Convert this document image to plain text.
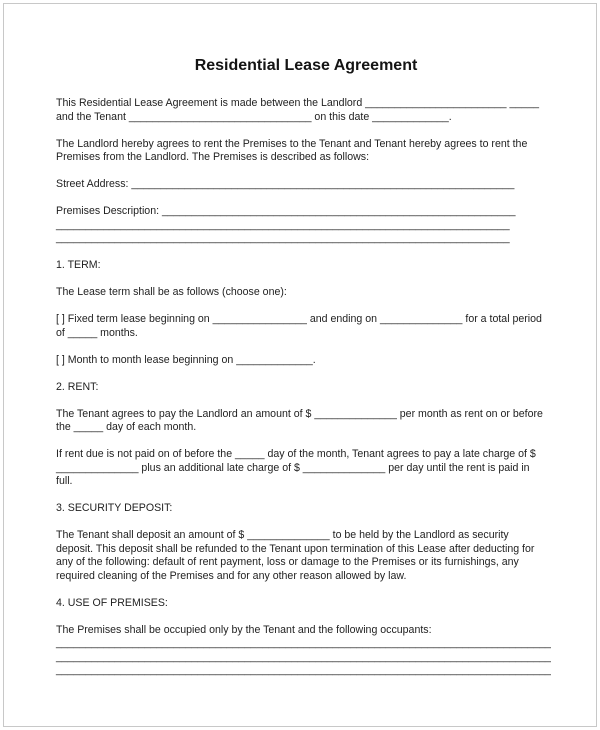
Residential Lease Agreement
This Residential Lease Agreement is made between the Landlord ________________________ _____
and the Tenant _______________________________ on this date _____________.
The Landlord hereby agrees to rent the Premises to the Tenant and Tenant hereby agrees to rent the
Premises from the Landlord. The Premises is described as follows:
Street Address: _________________________________________________________________
Premises Description: ____________________________________________________________
_____________________________________________________________________________
_____________________________________________________________________________
1. TERM:
The Lease term shall be as follows (choose one):
[ ] Fixed term lease beginning on ________________ and ending on ______________ for a total period
of _____ months.
[ ] Month to month lease beginning on _____________.
2. RENT:
The Tenant agrees to pay the Landlord an amount of $ ______________ per month as rent on or before
the _____ day of each month.
If rent due is not paid on of before the _____ day of the month, Tenant agrees to pay a late charge of $
______________ plus an additional late charge of $ ______________ per day until the rent is paid in
full.
3. SECURITY DEPOSIT:
The Tenant shall deposit an amount of $ ______________ to be held by the Landlord as security
deposit. This deposit shall be refunded to the Tenant upon termination of this Lease after deducting for
any of the following: default of rent payment, loss or damage to the Premises or its furnishings, any
required cleaning of the Premises and for any other reason allowed by law.
4. USE OF PREMISES:
The Premises shall be occupied only by the Tenant and the following occupants:
____________________________________________________________________________________
____________________________________________________________________________________
____________________________________________________________________________________
